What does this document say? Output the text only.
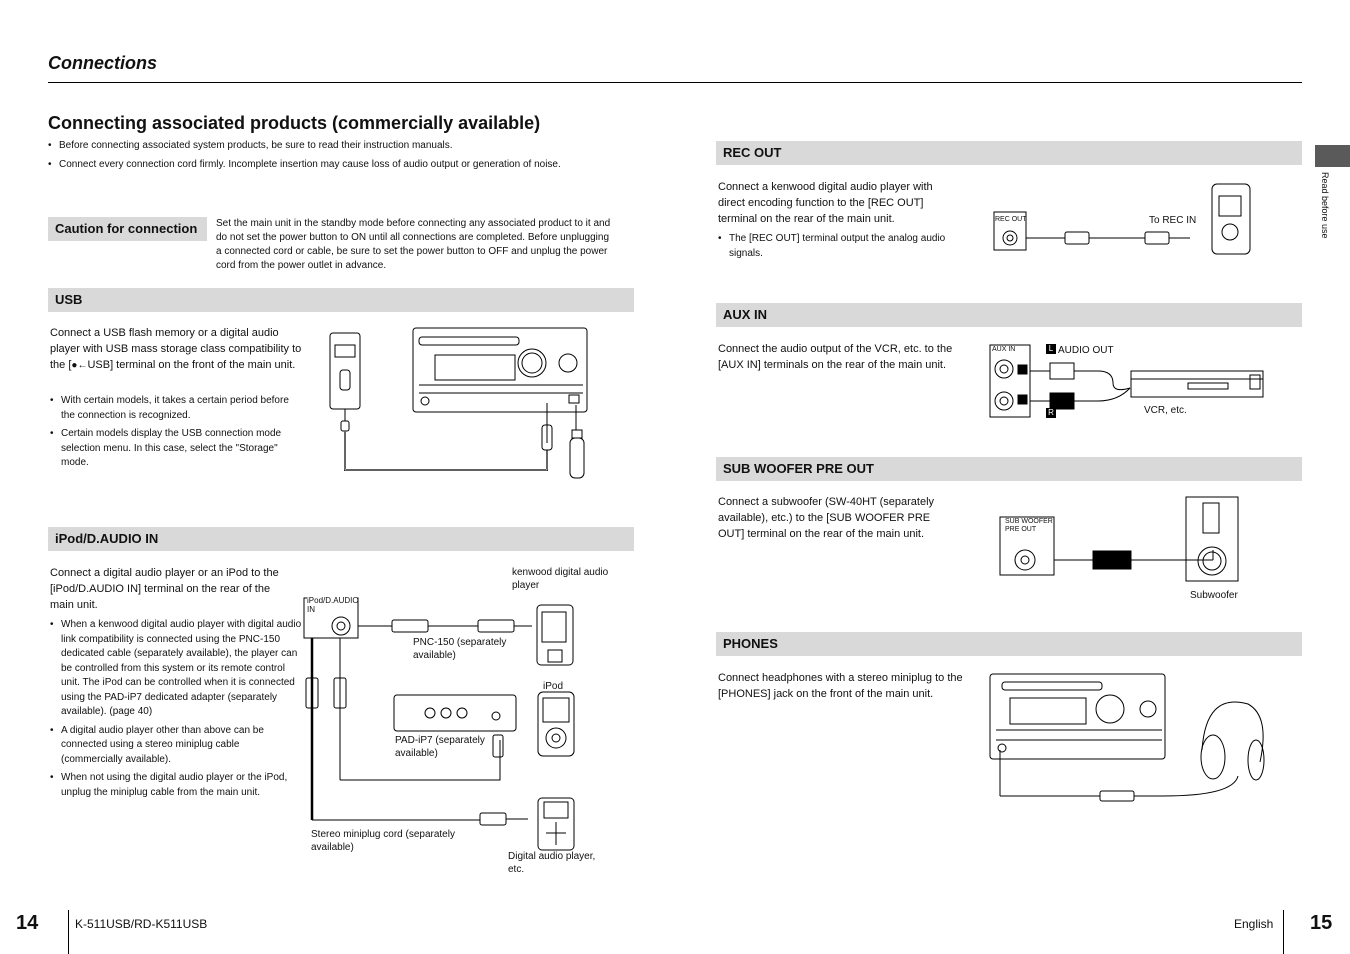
Connections
Connecting associated products (commercially available)
• Before connecting associated system products, be sure to read their instruction manuals.
• Connect every connection cord firmly. Incomplete insertion may cause loss of audio output or generation of noise.
Caution for connection	Set the main unit in the standby mode before connecting any associated product to it and do not set the power button to ON until all connections are completed. Before unplugging a connected cord or cable, be sure to set the power button to OFF and unplug the power cord from the power outlet in advance.
USB
Connect a USB flash memory or a digital audio player with USB mass storage class compatibility to the [●←USB] terminal on the front of the main unit.
• With certain models, it takes a certain period before the connection is recognized.
• Certain models display the USB connection mode selection menu. In this case, select the "Storage" mode.
iPod/D.AUDIO IN
Connect a digital audio player or an iPod to the [iPod/D.AUDIO IN] terminal on the rear of the main unit.
• When a kenwood digital audio player with digital audio link compatibility is connected using the PNC-150 dedicated cable (separately available), the player can be controlled from this system or its remote control unit. The iPod can be controlled when it is connected using the PAD-iP7 dedicated adapter (separately available). (page 40)
• A digital audio player other than above can be connected using a stereo miniplug cable (commercially available).
• When not using the digital audio player or the iPod, unplug the miniplug cable from the main unit.
iPod/D.AUDIO IN
kenwood digital audio player
PNC-150 (separately available)
iPod
PAD-iP7 (separately available)
Stereo miniplug cord (separately available)
Digital audio player, etc.
REC OUT
Connect a kenwood digital audio player with direct encoding function to the [REC OUT] terminal on the rear of the main unit.
• The [REC OUT] terminal output the analog audio signals.
REC OUT	To REC IN
AUX IN
Connect the audio output of the VCR, etc. to the [AUX IN] terminals on the rear of the main unit.
AUX IN	L
R
AUDIO OUT
VCR, etc.
SUB WOOFER PRE OUT
Connect a subwoofer (SW-40HT (separately available), etc.) to the [SUB WOOFER PRE OUT] terminal on the rear of the main unit.
SUB WOOFER PRE OUT
Subwoofer
PHONES
Connect headphones with a stereo miniplug to the [PHONES] jack on the front of the main unit.
Read before use
14	K-511USB/RD-K511USB	English 15
